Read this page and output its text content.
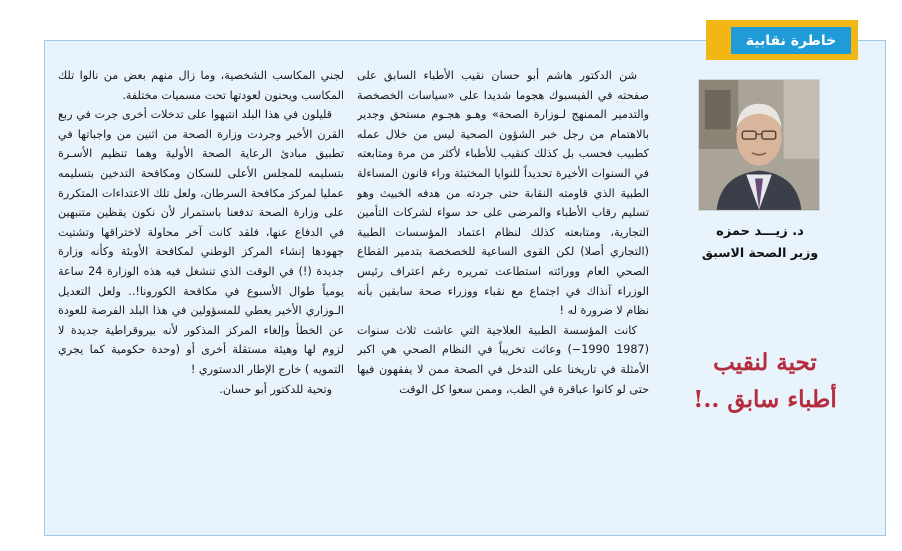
خاطرة نقابية
د. زيـــد حمزه
وزير الصحة الاسبق
تحية لنقيب
أطباء سابق ..!

شن الدكتور هاشم أبو حسان نقيب الأطباء السابق على صفحته في الفيسبوك هجوما شديدا على «سياسات الخصخصة والتدمير الممنهج لـوزارة الصحة» وهـو هجـوم مستحق وجدير بالاهتمام من رجل خبر الشؤون الصحية ليس من خلال عمله كطبيب فحسب بل كذلك كنقيب للأطباء لأكثر من مرة ومتابعته في السنوات الأخيرة تحديداً للنوايا المختبئة وراء قانون المساءلة الطبية الذي قاومته النقابة حتى جردته من هدفه الخبيث وهو تسليم رقاب الأطباء والمرضى على حد سواء لشركات التأمين التجارية، ومتابعته كذلك لنظام اعتماد المؤسسات الطبية (التجاري أصلا) لكن القوى الساعية للخصخصة بتدمير القطاع الصحي العام وورائته استطاعت تمريره رغم اعتراف رئيس الوزراء آنذاك في اجتماع مع نقباء ووزراء صحة سابقين بأنه نظام لا ضرورة له !

كانت المؤسسة الطبية العلاجية التي عاشت ثلاث سنوات (1987 1990−) وعاثت تخريباً في النظام الصحي هي اكبر الأمثلة في تاريخنا على التدخل في الصحة ممن لا يفقهون فيها حتى لو كانوا عباقرة في الطب، وممن سعوا كل الوقت

لجني المكاسب الشخصية، وما زال منهم بعض من نالوا تلك المكاسب ويحنون لعودتها تحت مسميات مختلفة.

قليلون في هذا البلد انتبهوا على تدخلات أخرى جرت في ربع القرن الأخير وجردت وزارة الصحة من اثنين من واجباتها في تطبيق مبادئ الرعاية الصحة الأولية وهما تنظيم الأسـرة بتسليمه للمجلس الأعلى للسكان ومكافحة التدخين بتسليمه عمليا لمركز مكافحة السرطان، ولعل تلك الاعتداءات المتكررة على وزارة الصحة تدفعنا باستمرار لأن نكون يقظين متنبهين في الدفاع عنها، فلقد كانت آخر محاولة لاختراقها وتشتيت جهودها إنشاء المركز الوطني لمكافحة الأوبئة وكأنه وزارة جديدة (!) في الوقت الذي تنشغل فيه هذه الوزارة 24 ساعة يومياً طوال الأسبوع في مكافحة الكورونا!.. ولعل التعديل الـوزاري الأخير يعطي للمسؤولين في هذا البلد الفرصة للعودة عن الخطأ وإلغاء المركز المذكور لأنه بيروقراطية جديدة لا لزوم لها وهيئة مستقلة أخرى أو (وحدة حكومية كما يجري التمويه ) خارج الإطار الدستوري !

وتحية للدكتور أبو حسان.
